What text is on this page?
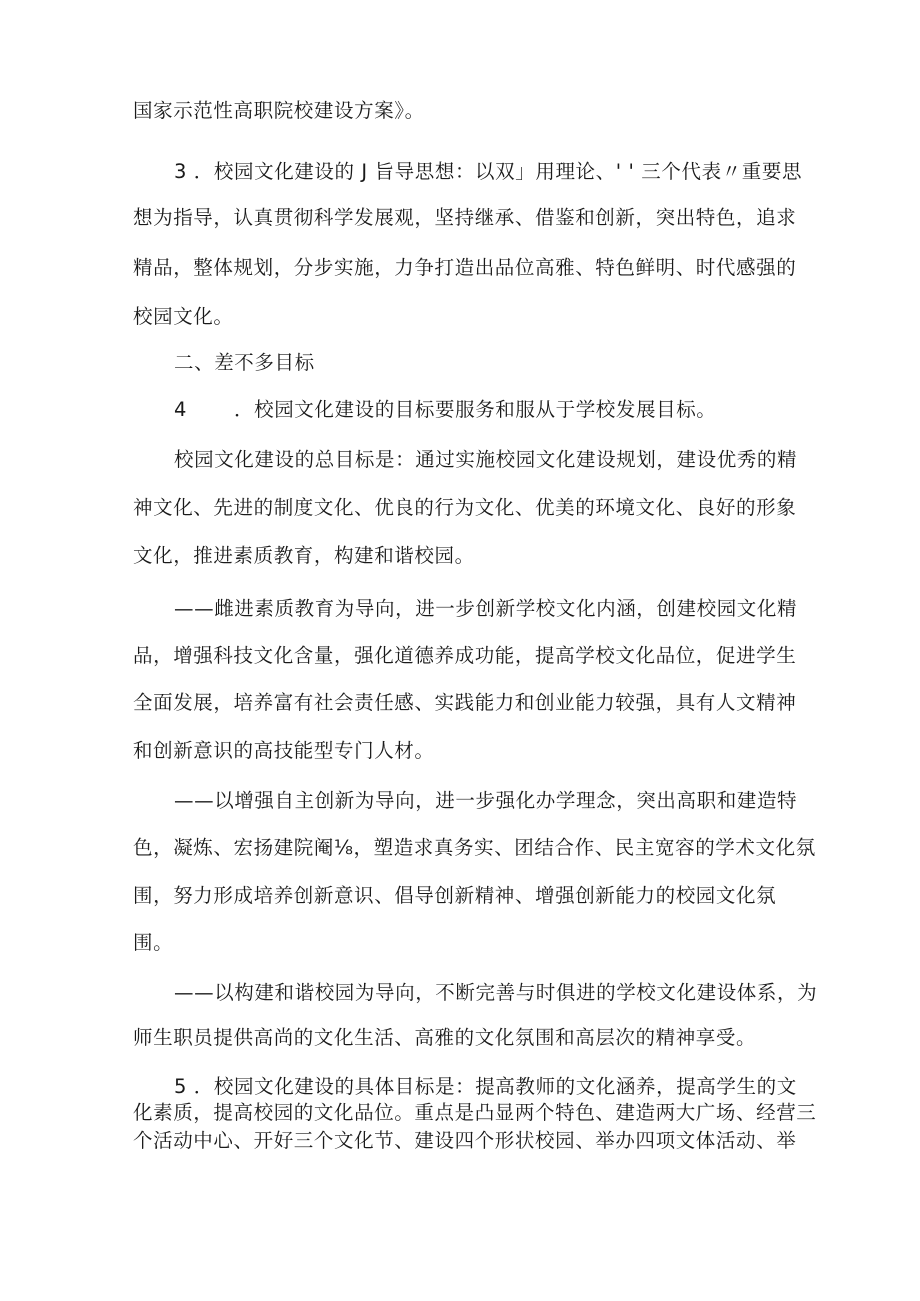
国家示范性高职院校建设方案》。
3 ．校园文化建设的 J 旨导思想：以双」用理论、' ' 三个代表〃重要思
想为指导，认真贯彻科学发展观，坚持继承、借鉴和创新，突出特色，追求
精品，整体规划，分步实施，力争打造出品位高雅、特色鲜明、时代感强的
校园文化。
二、差不多目标
4 　　．校园文化建设的目标要服务和服从于学校发展目标。
校园文化建设的总目标是：通过实施校园文化建设规划，建设优秀的精
神文化、先进的制度文化、优良的行为文化、优美的环境文化、良好的形象
文化，推进素质教育，构建和谐校园。
——雌进素质教育为导向，进一步创新学校文化内涵，创建校园文化精
品，增强科技文化含量，强化道德养成功能，提高学校文化品位，促进学生
全面发展，培养富有社会责任感、实践能力和创业能力较强，具有人文精神
和创新意识的高技能型专门人材。
——以增强自主创新为导向，进一步强化办学理念，突出高职和建造特
色，凝炼、宏扬建院阉⅛，塑造求真务实、团结合作、民主宽容的学术文化氛
围，努力形成培养创新意识、倡导创新精神、增强创新能力的校园文化氛
围。
——以构建和谐校园为导向，不断完善与时俱进的学校文化建设体系，为
师生职员提供高尚的文化生活、高雅的文化氛围和高层次的精神享受。
5 ．校园文化建设的具体目标是：提高教师的文化涵养，提高学生的文
化素质，提高校园的文化品位。重点是凸显两个特色、建造两大广场、经营三
个活动中心、开好三个文化节、建设四个形状校园、举办四项文体活动、举
